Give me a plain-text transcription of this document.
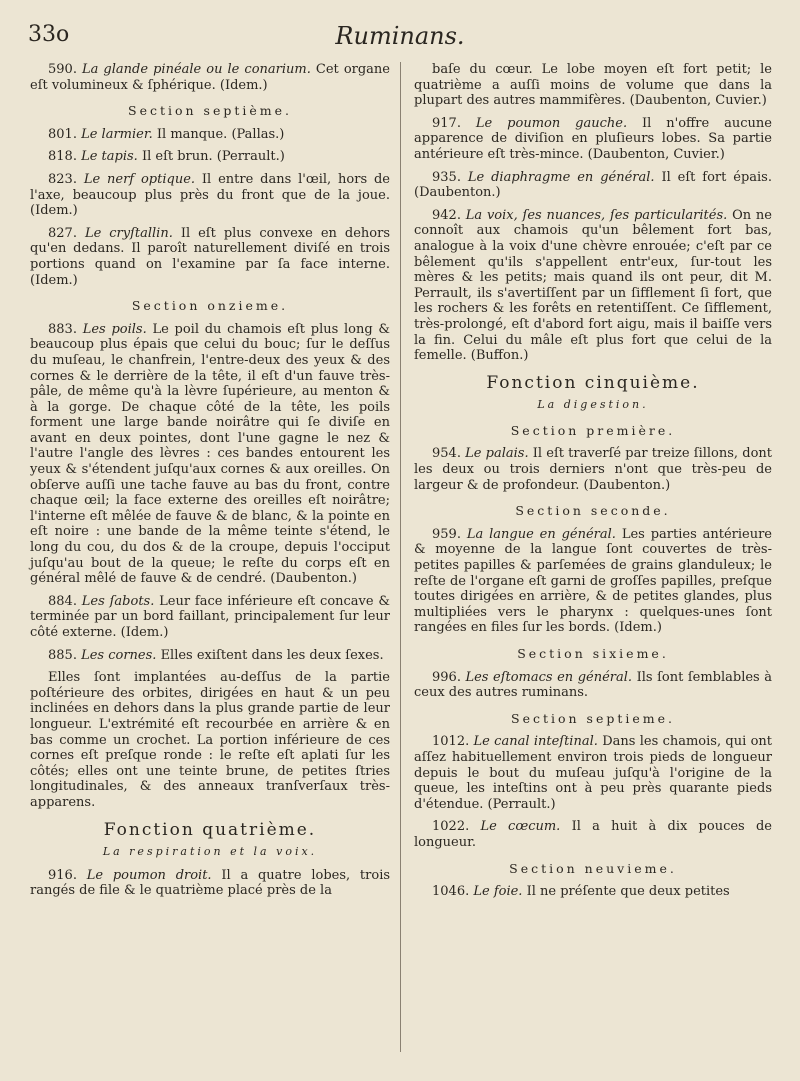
33o	Ruminans.

590. La glande pinéale ou le conarium. Cet organe eſt volumineux & ſphérique. (Idem.)

Section septième.

801. Le larmier. Il manque. (Pallas.)

818. Le tapis. Il eſt brun. (Perrault.)

823. Le nerf optique. Il entre dans l'œil, hors de l'axe, beaucoup plus près du front que de la joue. (Idem.)

827. Le cryſtallin. Il eſt plus convexe en dehors qu'en dedans. Il paroît naturellement diviſé en trois portions quand on l'examine par ſa face interne. (Idem.)

Section onzieme.

883. Les poils. Le poil du chamois eſt plus long & beaucoup plus épais que celui du bouc; ſur le deſſus du muſeau, le chanfrein, l'entre-deux des yeux & des cornes & le derrière de la tête, il eſt d'un fauve très-pâle, de même qu'à la lèvre ſupérieure, au menton & à la gorge. De chaque côté de la tête, les poils forment une large bande noirâtre qui ſe diviſe en avant en deux pointes, dont l'une gagne le nez & l'autre l'angle des lèvres : ces bandes entourent les yeux & s'étendent juſqu'aux cornes & aux oreilles. On obſerve auſſi une tache fauve au bas du front, contre chaque œil; la face externe des oreilles eſt noirâtre; l'interne eſt mêlée de fauve & de blanc, & la pointe en eſt noire : une bande de la même teinte s'étend, le long du cou, du dos & de la croupe, depuis l'occiput juſqu'au bout de la queue; le reſte du corps eſt en général mêlé de fauve & de cendré. (Daubenton.)

884. Les ſabots. Leur face inférieure eſt concave & terminée par un bord faillant, principalement ſur leur côté externe. (Idem.)

885. Les cornes. Elles exiſtent dans les deux ſexes.

Elles ſont implantées au-deſſus de la partie poſtérieure des orbites, dirigées en haut & un peu inclinées en dehors dans la plus grande partie de leur longueur. L'extrémité eſt recourbée en arrière & en bas comme un crochet. La portion inférieure de ces cornes eſt preſque ronde : le reſte eſt aplati ſur les côtés; elles ont une teinte brune, de petites ſtries longitudinales, & des anneaux tranſverſaux très-apparens.

Fonction quatrième.
La respiration et la voix.

916. Le poumon droit. Il a quatre lobes, trois rangés de file & le quatrième placé près de la

baſe du cœur. Le lobe moyen eſt fort petit; le quatrième a auſſi moins de volume que dans la plupart des autres mammifères. (Daubenton, Cuvier.)

917. Le poumon gauche. Il n'offre aucune apparence de diviſion en pluſieurs lobes. Sa partie antérieure eſt très-mince. (Daubenton, Cuvier.)

935. Le diaphragme en général. Il eſt fort épais. (Daubenton.)

942. La voix, ſes nuances, ſes particularités. On ne connoît aux chamois qu'un bêlement fort bas, analogue à la voix d'une chèvre enrouée; c'eſt par ce bêlement qu'ils s'appellent entr'eux, ſur-tout les mères & les petits; mais quand ils ont peur, dit M. Perrault, ils s'avertiſſent par un ſifflement ſi fort, que les rochers & les forêts en retentiſſent. Ce ſifflement, très-prolongé, eſt d'abord fort aigu, mais il baiſſe vers la fin. Celui du mâle eſt plus fort que celui de la femelle. (Buffon.)

Fonction cinquième.
La digestion.
Section première.

954. Le palais. Il eſt traverſé par treize ſillons, dont les deux ou trois derniers n'ont que très-peu de largeur & de profondeur. (Daubenton.)

Section seconde.

959. La langue en général. Les parties antérieure & moyenne de la langue ſont couvertes de très-petites papilles & parſemées de grains glanduleux; le reſte de l'organe eſt garni de groſſes papilles, preſque toutes dirigées en arrière, & de petites glandes, plus multipliées vers le pharynx : quelques-unes ſont rangées en files ſur les bords. (Idem.)

Section sixieme.

996. Les eſtomacs en général. Ils ſont ſemblables à ceux des autres ruminans.

Section septieme.

1012. Le canal inteſtinal. Dans les chamois, qui ont aſſez habituellement environ trois pieds de longueur depuis le bout du muſeau juſqu'à l'origine de la queue, les inteſtins ont à peu près quarante pieds d'étendue. (Perrault.)

1022. Le cœcum. Il a huit à dix pouces de longueur.

Section neuvieme.

1046. Le foie. Il ne préſente que deux petites
